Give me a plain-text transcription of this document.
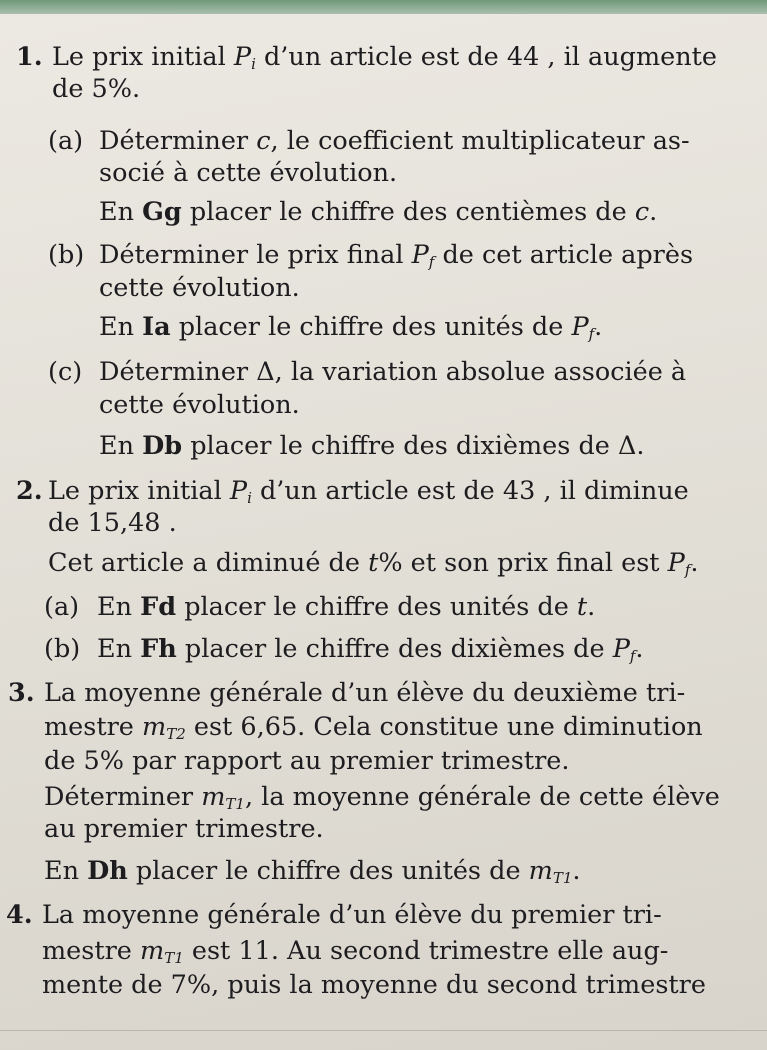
1. Le prix initial $P_i$ d’un article est de 44 , il augmente
de 5%.
(a) Déterminer c, le coefficient multiplicateur as-
socié à cette évolution.
En Gg placer le chiffre des centièmes de c.
(b) Déterminer le prix final $P_f$ de cet article après
cette évolution.
En Ia placer le chiffre des unités de $P_f$.
(c) Déterminer Δ, la variation absolue associée à
cette évolution.
En Db placer le chiffre des dixièmes de Δ.
2. Le prix initial $P_i$ d’un article est de 43 , il diminue
de 15,48 .
Cet article a diminué de t% et son prix final est $P_f$.
(a) En Fd placer le chiffre des unités de t.
(b) En Fh placer le chiffre des dixièmes de $P_f$.
3. La moyenne générale d’un élève du deuxième tri-
mestre $m_{T2}$ est 6,65. Cela constitue une diminution
de 5% par rapport au premier trimestre.
Déterminer $m_{T1}$, la moyenne générale de cette élève
au premier trimestre.
En Dh placer le chiffre des unités de $m_{T1}$.
4. La moyenne générale d’un élève du premier tri-
mestre $m_{T1}$ est 11. Au second trimestre elle aug-
mente de 7%, puis la moyenne du second trimestre
